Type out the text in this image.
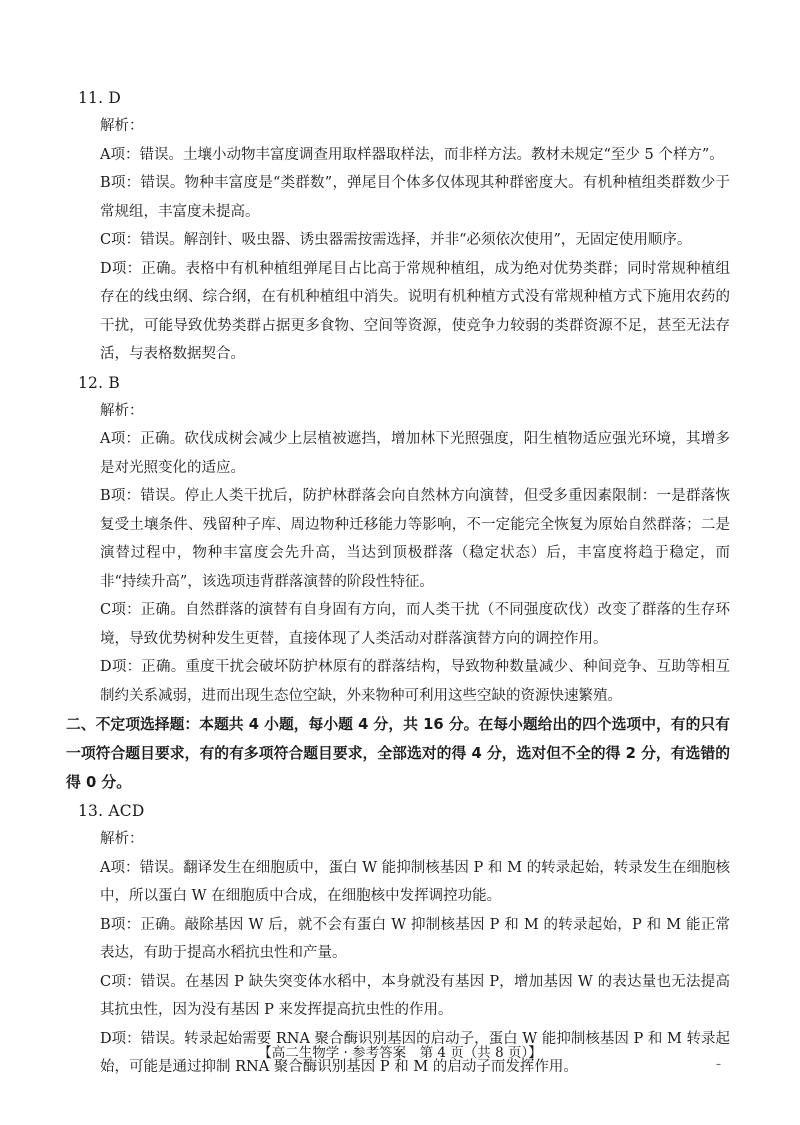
11. D

解析：

A项：错误。土壤小动物丰富度调查用取样器取样法，而非样方法。教材未规定“至少 5 个样方”。

B项：错误。物种丰富度是“类群数”，弹尾目个体多仅体现其种群密度大。有机种植组类群数少于常规组，丰富度未提高。

C项：错误。解剖针、吸虫器、诱虫器需按需选择，并非“必须依次使用”，无固定使用顺序。

D项：正确。表格中有机种植组弹尾目占比高于常规种植组，成为绝对优势类群；同时常规种植组存在的线虫纲、综合纲，在有机种植组中消失。说明有机种植方式没有常规种植方式下施用农药的干扰，可能导致优势类群占据更多食物、空间等资源，使竞争力较弱的类群资源不足，甚至无法存活，与表格数据契合。

12. B

解析：

A项：正确。砍伐成树会减少上层植被遮挡，增加林下光照强度，阳生植物适应强光环境，其增多是对光照变化的适应。

B项：错误。停止人类干扰后，防护林群落会向自然林方向演替，但受多重因素限制：一是群落恢复受土壤条件、残留种子库、周边物种迁移能力等影响，不一定能完全恢复为原始自然群落；二是演替过程中，物种丰富度会先升高，当达到顶极群落（稳定状态）后，丰富度将趋于稳定，而非“持续升高”，该选项违背群落演替的阶段性特征。

C项：正确。自然群落的演替有自身固有方向，而人类干扰（不同强度砍伐）改变了群落的生存环境，导致优势树种发生更替，直接体现了人类活动对群落演替方向的调控作用。

D项：正确。重度干扰会破坏防护林原有的群落结构，导致物种数量减少、种间竞争、互助等相互制约关系减弱，进而出现生态位空缺，外来物种可利用这些空缺的资源快速繁殖。

二、不定项选择题：本题共 4 小题，每小题 4 分，共 16 分。在每小题给出的四个选项中，有的只有一项符合题目要求，有的有多项符合题目要求，全部选对的得 4 分，选对但不全的得 2 分，有选错的得 0 分。

13. ACD

解析：

A项：错误。翻译发生在细胞质中，蛋白 W 能抑制核基因 P 和 M 的转录起始，转录发生在细胞核中，所以蛋白 W 在细胞质中合成，在细胞核中发挥调控功能。

B项：正确。敲除基因 W 后，就不会有蛋白 W 抑制核基因 P 和 M 的转录起始，P 和 M 能正常表达，有助于提高水稻抗虫性和产量。

C项：错误。在基因 P 缺失突变体水稻中，本身就没有基因 P，增加基因 W 的表达量也无法提高其抗虫性，因为没有基因 P 来发挥提高抗虫性的作用。

D项：错误。转录起始需要 RNA 聚合酶识别基因的启动子，蛋白 W 能抑制核基因 P 和 M 转录起始，可能是通过抑制 RNA 聚合酶识别基因 P 和 M 的启动子而发挥作用。

【高二生物学 · 参考答案　第 4 页（共 8 页）】
–
